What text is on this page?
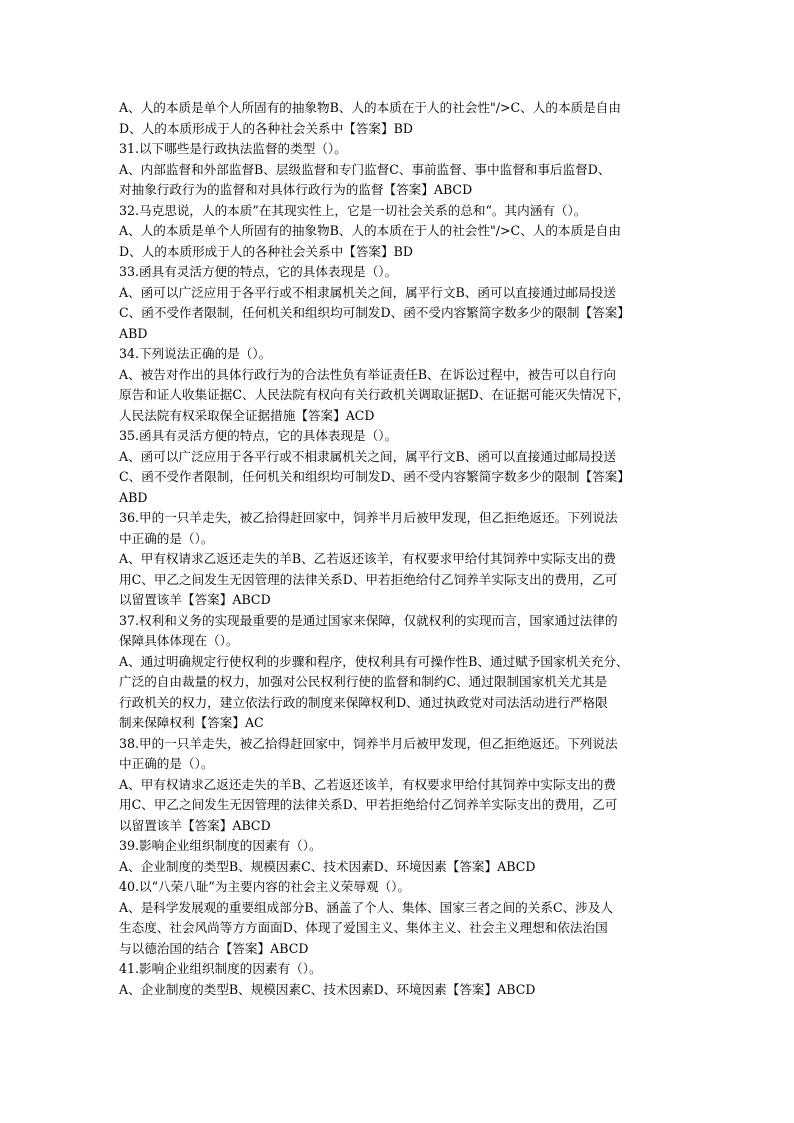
A、人的本质是单个人所固有的抽象物B、人的本质在于人的社会性"/>C、人的本质是自由
D、人的本质形成于人的各种社会关系中【答案】BD
31.以下哪些是行政执法监督的类型（）。
A、内部监督和外部监督B、层级监督和专门监督C、事前监督、事中监督和事后监督D、
对抽象行政行为的监督和对具体行政行为的监督【答案】ABCD
32.马克思说，人的本质”在其现实性上，它是一切社会关系的总和“。其内涵有（）。
A、人的本质是单个人所固有的抽象物B、人的本质在于人的社会性"/>C、人的本质是自由
D、人的本质形成于人的各种社会关系中【答案】BD
33.函具有灵活方便的特点，它的具体表现是（）。
A、函可以广泛应用于各平行或不相隶属机关之间，属平行文B、函可以直接通过邮局投送
C、函不受作者限制，任何机关和组织均可制发D、函不受内容繁简字数多少的限制【答案】
ABD
34.下列说法正确的是（）。
A、被告对作出的具体行政行为的合法性负有举证责任B、在诉讼过程中，被告可以自行向
原告和证人收集证据C、人民法院有权向有关行政机关调取证据D、在证据可能灭失情况下，
人民法院有权采取保全证据措施【答案】ACD
35.函具有灵活方便的特点，它的具体表现是（）。
A、函可以广泛应用于各平行或不相隶属机关之间，属平行文B、函可以直接通过邮局投送
C、函不受作者限制，任何机关和组织均可制发D、函不受内容繁简字数多少的限制【答案】
ABD
36.甲的一只羊走失，被乙拾得赶回家中，饲养半月后被甲发现，但乙拒绝返还。下列说法
中正确的是（）。
A、甲有权请求乙返还走失的羊B、乙若返还该羊，有权要求甲给付其饲养中实际支出的费
用C、甲乙之间发生无因管理的法律关系D、甲若拒绝给付乙饲养羊实际支出的费用，乙可
以留置该羊【答案】ABCD
37.权利和义务的实现最重要的是通过国家来保障，仅就权利的实现而言，国家通过法律的
保障具体体现在（）。
A、通过明确规定行使权利的步骤和程序，使权利具有可操作性B、通过赋予国家机关充分、
广泛的自由裁量的权力，加强对公民权利行使的监督和制约C、通过限制国家机关尤其是
行政机关的权力，建立依法行政的制度来保障权利D、通过执政党对司法活动进行严格限
制来保障权利【答案】AC
38.甲的一只羊走失，被乙拾得赶回家中，饲养半月后被甲发现，但乙拒绝返还。下列说法
中正确的是（）。
A、甲有权请求乙返还走失的羊B、乙若返还该羊，有权要求甲给付其饲养中实际支出的费
用C、甲乙之间发生无因管理的法律关系D、甲若拒绝给付乙饲养羊实际支出的费用，乙可
以留置该羊【答案】ABCD
39.影响企业组织制度的因素有（）。
A、企业制度的类型B、规模因素C、技术因素D、环境因素【答案】ABCD
40.以“八荣八耻”为主要内容的社会主义荣辱观（）。
A、是科学发展观的重要组成部分B、涵盖了个人、集体、国家三者之间的关系C、涉及人
生态度、社会风尚等方方面面D、体现了爱国主义、集体主义、社会主义理想和依法治国
与以德治国的结合【答案】ABCD
41.影响企业组织制度的因素有（）。
A、企业制度的类型B、规模因素C、技术因素D、环境因素【答案】ABCD
